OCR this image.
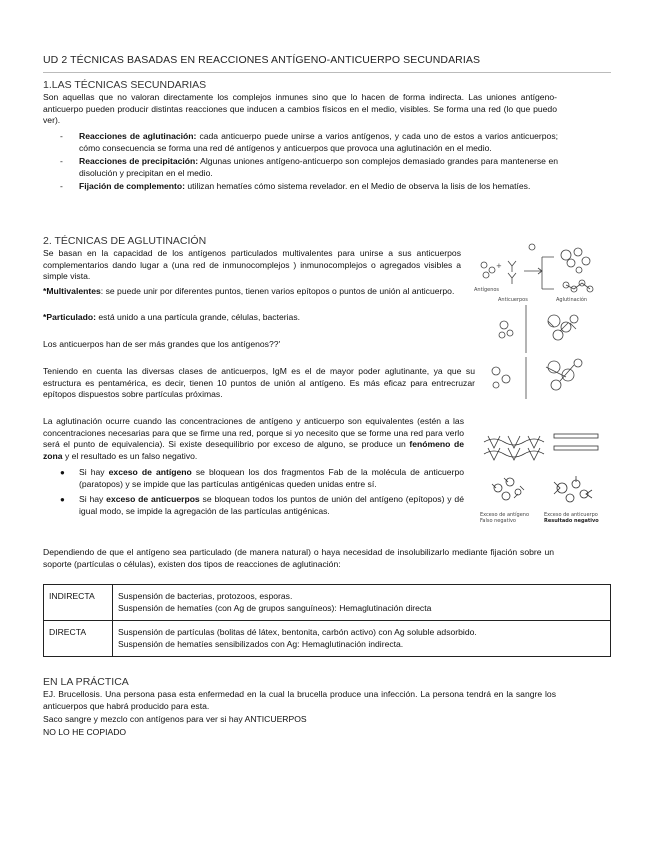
UD 2 TÉCNICAS BASADAS EN REACCIONES ANTÍGENO-ANTICUERPO SECUNDARIAS
1.LAS TÉCNICAS SECUNDARIAS
Son aquellas que no valoran directamente los complejos inmunes sino que lo hacen de forma indirecta. Las uniones antígeno-anticuerpo pueden producir distintas reacciones que inducen a cambios físicos en el medio, visibles. Se forma una red (lo que puedo ver).
- Reacciones de aglutinación: cada anticuerpo puede unirse a varios antígenos, y cada uno de estos a varios anticuerpos; cómo consecuencia se forma una red dé antígenos y anticuerpos que provoca una aglutinación en el medio.
- Reacciones de precipitación: Algunas uniones antígeno-anticuerpo son complejos demasiado grandes para mantenerse en disolución y precipitan en el medio.
- Fijación de complemento: utilizan hematíes cómo sistema revelador. en el Medio de observa la lisis de los hematíes.
2. TÉCNICAS DE AGLUTINACIÓN
Se basan en la capacidad de los antígenos particulados multivalentes para unirse a sus anticuerpos complementarios dando lugar a (una red de inmunocomplejos ) inmunocomplejos o agregados visibles a simple vista.
*Multivalentes: se puede unir por diferentes puntos, tienen varios epítopos o puntos de unión al anticuerpo.
*Particulado: está unido a una partícula grande, células, bacterias.
Los anticuerpos han de ser más grandes que los antígenos??'
Teniendo en cuenta las diversas clases de anticuerpos, IgM es el de mayor poder aglutinante, ya que su estructura es pentamérica, es decir, tienen 10 puntos de unión al antígeno. Es más eficaz para entrecruzar epítopos dispuestos sobre partículas próximas.
La aglutinación ocurre cuando las concentraciones de antígeno y anticuerpo son equivalentes (estén a las concentraciones necesarias para que se firme una red, porque si yo necesito que se forme una red para verlo será el punto de equivalencia). Si existe desequilibrio por exceso de alguno, se produce un fenómeno de zona y el resultado es un falso negativo.
● Si hay exceso de antígeno se bloquean los dos fragmentos Fab de la molécula de anticuerpo (paratopos) y se impide que las partículas antigénicas queden unidas entre sí.
● Si hay exceso de anticuerpos se bloquean todos los puntos de unión del antígeno (epítopos) y dé igual modo, se impide la agregación de las partículas antigénicas.
Dependiendo de que el antígeno sea particulado (de manera natural) o haya necesidad de insolubilizarlo mediante fijación sobre un soporte (partículas o células), existen dos tipos de reacciones de aglutinación:
INDIRECTA	Suspensión de bacterias, protozoos, esporas.
Suspensión de hematíes (con Ag de grupos sanguíneos): Hemaglutinación directa

DIRECTA	Suspensión de partículas (bolitas dé látex, bentonita, carbón activo) con Ag soluble adsorbido.
Suspensión de hematíes sensibilizados con Ag: Hemaglutinación indirecta.
EN LA PRÁCTICA
EJ. Brucellosis. Una persona pasa esta enfermedad en la cual la brucella produce una infección. La persona tendrá en la sangre los anticuerpos que habrá producido para esta.
Saco sangre y mezclo con antígenos para ver si hay ANTICUERPOS
NO LO HE COPIADO
+
Antígenos
Anticuerpos	Aglutinación
Exceso de antígeno
Falso negativo
Exceso de anticuerpo
Resultado negativo
